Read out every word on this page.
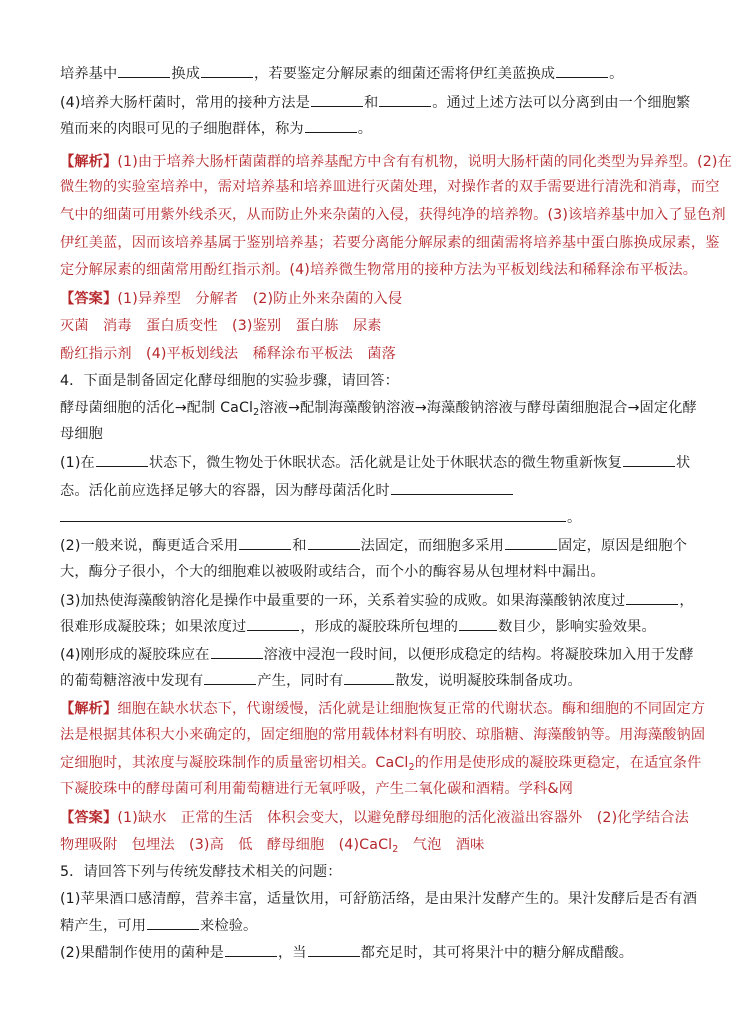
培养基中	换成	，若要鉴定分解尿素的细菌还需将伊红美蓝换成	。
(4)培养大肠杆菌时，常用的接种方法是	和	。通过上述方法可以分离到由一个细胞繁
殖而来的肉眼可见的子细胞群体，称为	。
【解析】(1)由于培养大肠杆菌菌群的培养基配方中含有有机物，说明大肠杆菌的同化类型为异养型。(2)在
微生物的实验室培养中，需对培养基和培养皿进行灭菌处理，对操作者的双手需要进行清洗和消毒，而空
气中的细菌可用紫外线杀灭，从而防止外来杂菌的入侵，获得纯净的培养物。(3)该培养基中加入了显色剂
伊红美蓝，因而该培养基属于鉴别培养基；若要分离能分解尿素的细菌需将培养基中蛋白胨换成尿素，鉴
定分解尿素的细菌常用酚红指示剂。(4)培养微生物常用的接种方法为平板划线法和稀释涂布平板法。
【答案】(1)异养型　分解者　(2)防止外来杂菌的入侵
灭菌　消毒　蛋白质变性　(3)鉴别　蛋白胨　尿素
酚红指示剂　(4)平板划线法　稀释涂布平板法　菌落
4．下面是制备固定化酵母细胞的实验步骤，请回答：
酵母菌细胞的活化→配制 CaCl$_2$溶液→配制海藻酸钠溶液→海藻酸钠溶液与酵母菌细胞混合→固定化酵
母细胞
(1)在	状态下，微生物处于休眠状态。活化就是让处于休眠状态的微生物重新恢复	状
态。活化前应选择足够大的容器，因为酵母菌活化时
。
(2)一般来说，酶更适合采用	和	法固定，而细胞多采用	固定，原因是细胞个
大，酶分子很小，个大的细胞难以被吸附或结合，而个小的酶容易从包埋材料中漏出。
(3)加热使海藻酸钠溶化是操作中最重要的一环，关系着实验的成败。如果海藻酸钠浓度过	，
很难形成凝胶珠；如果浓度过	，形成的凝胶珠所包埋的	数目少，影响实验效果。
(4)刚形成的凝胶珠应在	溶液中浸泡一段时间，以便形成稳定的结构。将凝胶珠加入用于发酵
的葡萄糖溶液中发现有	产生，同时有	散发，说明凝胶珠制备成功。
【解析】细胞在缺水状态下，代谢缓慢，活化就是让细胞恢复正常的代谢状态。酶和细胞的不同固定方
法是根据其体积大小来确定的，固定细胞的常用载体材料有明胶、琼脂糖、海藻酸钠等。用海藻酸钠固
定细胞时，其浓度与凝胶珠制作的质量密切相关。CaCl$_2$的作用是使形成的凝胶珠更稳定，在适宜条件
下凝胶珠中的酵母菌可利用葡萄糖进行无氧呼吸，产生二氧化碳和酒精。学科&网
【答案】(1)缺水　正常的生活　体积会变大，以避免酵母细胞的活化液溢出容器外　(2)化学结合法
物理吸附　包埋法　(3)高　低　酵母细胞　(4)CaCl$_2$　气泡　酒味
5．请回答下列与传统发酵技术相关的问题：
(1)苹果酒口感清醇，营养丰富，适量饮用，可舒筋活络，是由果汁发酵产生的。果汁发酵后是否有酒
精产生，可用	来检验。
(2)果醋制作使用的菌种是	，当	都充足时，其可将果汁中的糖分解成醋酸。
